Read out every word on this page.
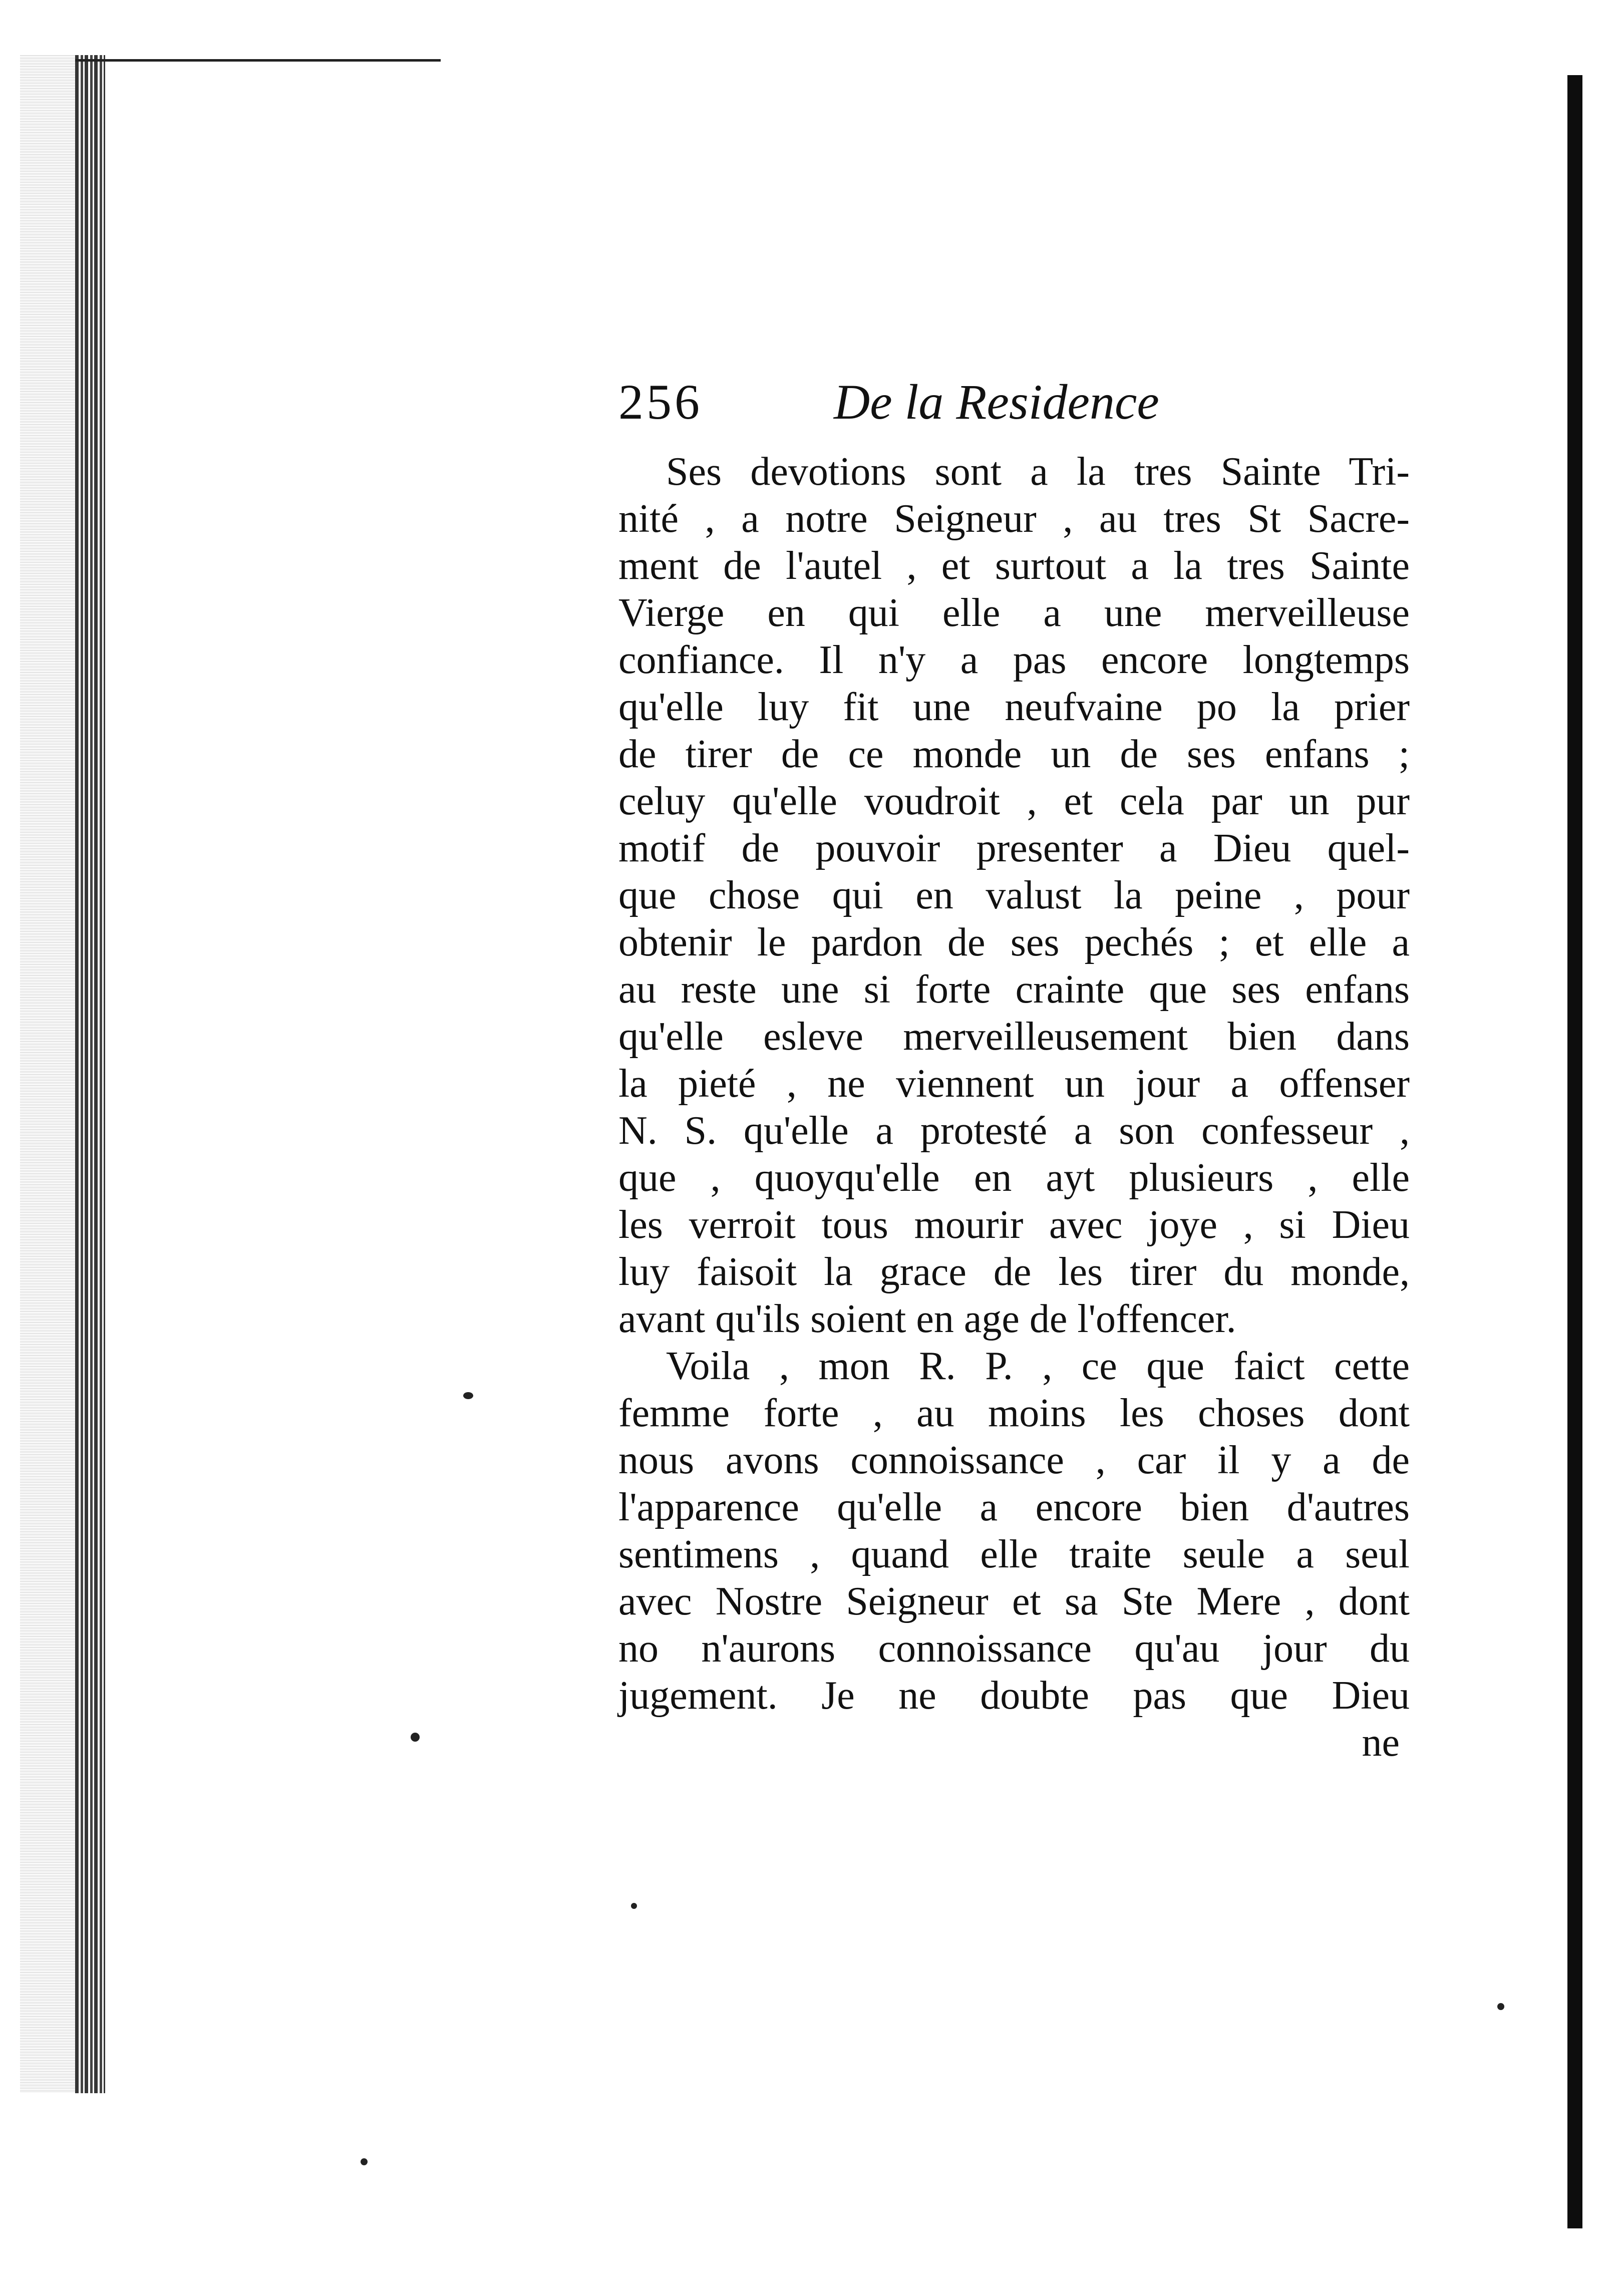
256	De la Residence
Ses devotions sont a la tres Sainte Tri-
nité , a notre Seigneur , au tres St Sacre-
ment de l'autel , et surtout a la tres Sainte
Vierge en qui elle a une merveilleuse
confiance. Il n'y a pas encore longtemps
qu'elle luy fit une neufvaine po la prier
de tirer de ce monde un de ses enfans ;
celuy qu'elle voudroit , et cela par un pur
motif de pouvoir presenter a Dieu quel-
que chose qui en valust la peine , pour
obtenir le pardon de ses pechés ; et elle a
au reste une si forte crainte que ses enfans
qu'elle esleve merveilleusement bien dans
la pieté , ne viennent un jour a offenser
N. S. qu'elle a protesté a son confesseur ,
que , quoyqu'elle en ayt plusieurs , elle
les verroit tous mourir avec joye , si Dieu
luy faisoit la grace de les tirer du monde,
avant qu'ils soient en age de l'offencer.
Voila , mon R. P. , ce que faict cette
femme forte , au moins les choses dont
nous avons connoissance , car il y a de
l'apparence qu'elle a encore bien d'autres
sentimens , quand elle traite seule a seul
avec Nostre Seigneur et sa Ste Mere , dont
no n'aurons connoissance qu'au jour du
jugement. Je ne doubte pas que Dieu
ne
